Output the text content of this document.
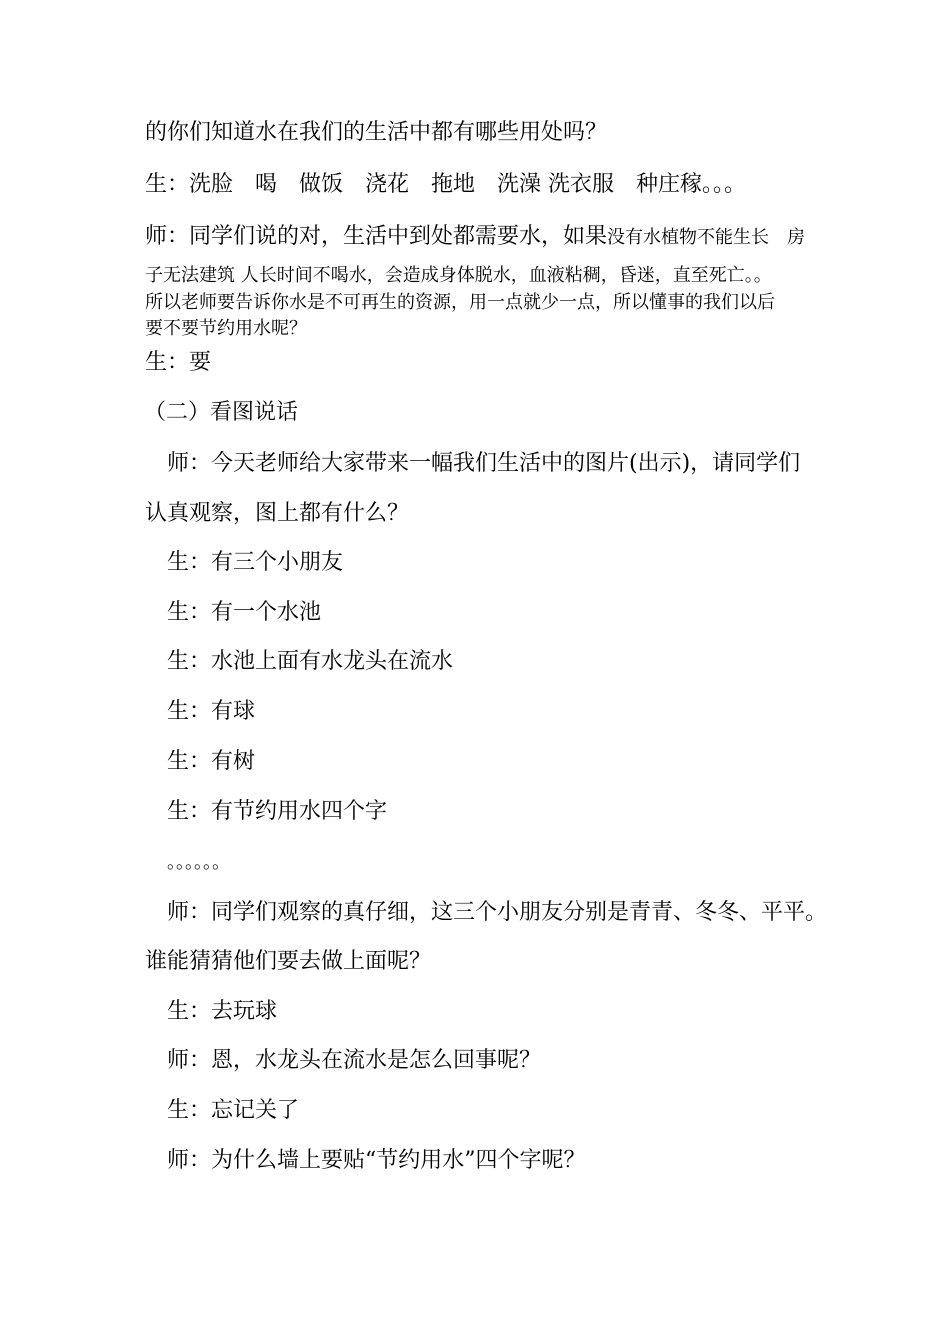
的你们知道水在我们的生活中都有哪些用处吗？
生：洗脸　喝　做饭　浇花　拖地　洗澡 洗衣服　种庄稼。。。
师：同学们说的对，生活中到处都需要水，如果没有水植物不能生长　房
子无法建筑 人长时间不喝水，会造成身体脱水，血液粘稠，昏迷，直至死亡。。
所以老师要告诉你水是不可再生的资源，用一点就少一点，所以懂事的我们以后
要不要节约用水呢？
生：要
（二）看图说话
师：今天老师给大家带来一幅我们生活中的图片(出示)，请同学们
认真观察，图上都有什么？
生：有三个小朋友
生：有一个水池
生：水池上面有水龙头在流水
生：有球
生：有树
生：有节约用水四个字
。。。。。。
师：同学们观察的真仔细，这三个小朋友分别是青青、冬冬、平平。
谁能猜猜他们要去做上面呢？
生：去玩球
师：恩，水龙头在流水是怎么回事呢？
生：忘记关了
师：为什么墙上要贴“节约用水”四个字呢？
